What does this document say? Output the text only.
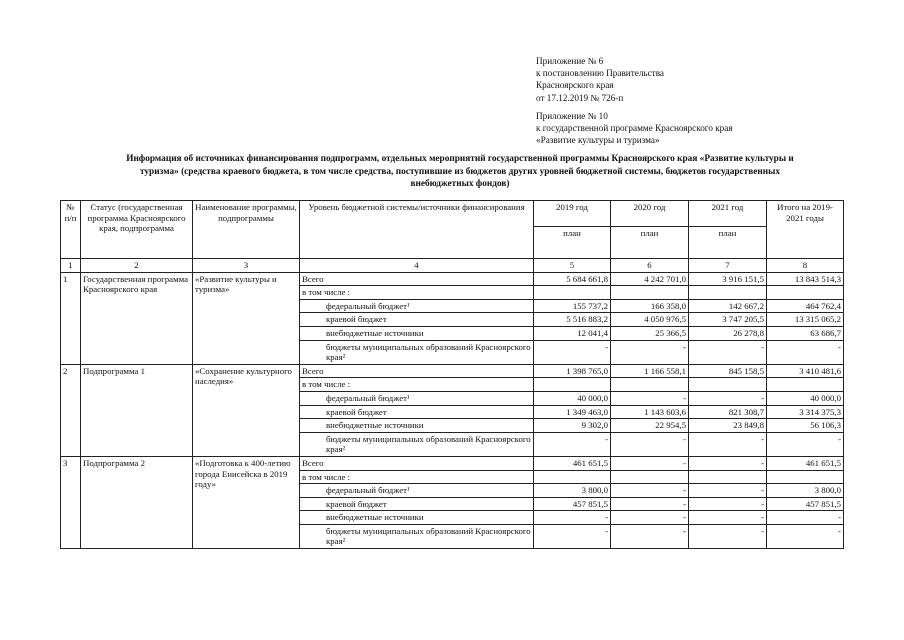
Приложение № 6

к постановлению Правительства

Красноярского края

от 17.12.2019 № 726-п

Приложение № 10

к государственной программе Красноярского края

«Развитие культуры и туризма»

Информация об источниках финансирования подпрограмм, отдельных мероприятий государственной программы Красноярского края «Развитие культуры и

туризма» (средства краевого бюджета, в том числе средства, поступившие из бюджетов других уровней бюджетной системы, бюджетов государственных

внебюджетных фондов)

№ п/п	Статус (государственная программа Красноярского края, подпрограмма	Наименование программы, подпрограммы	Уровень бюджетной системы/источники финансирования	2019 год	2020 год	2021 год	Итого на 2019-2021 годы
				план	план	план	
1	2	3	4	5	6	7	8
1	Государственная программа Красноярского края	«Развитие культуры и туризма»	Всего	5 684 661,8	4 242 701,0	3 916 151,5	13 843 514,3
			в том числе :				
			федеральный бюджет¹	155 737,2	166 358,0	142 667,2	464 762,4
			краевой бюджет	5 516 883,2	4 050 976,5	3 747 205,5	13 315 065,2
			внебюджетные источники	12 041,4	25 366,5	26 278,8	63 686,7
			бюджеты муниципальных образований Красноярского края²	-	-	-	-
2	Подпрограмма 1	«Сохранение культурного наследия»	Всего	1 398 765,0	1 166 558,1	845 158,5	3 410 481,6
			в том числе :				
			федеральный бюджет¹	40 000,0	-	-	40 000,0
			краевой бюджет	1 349 463,0	1 143 603,6	821 308,7	3 314 375,3
			внебюджетные источники	9 302,0	22 954,5	23 849,8	56 106,3
			бюджеты муниципальных образований Красноярского края²	-	-	-	-
3	Подпрограмма 2	«Подготовка к 400-летию города Енисейска в 2019 году»	Всего	461 651,5	-	-	461 651,5
			в том числе :				
			федеральный бюджет¹	3 800,0	-	-	3 800,0
			краевой бюджет	457 851,5	-	-	457 851,5
			внебюджетные источники	-	-	-	-
			бюджеты муниципальных образований Красноярского края²	-	-	-	-
